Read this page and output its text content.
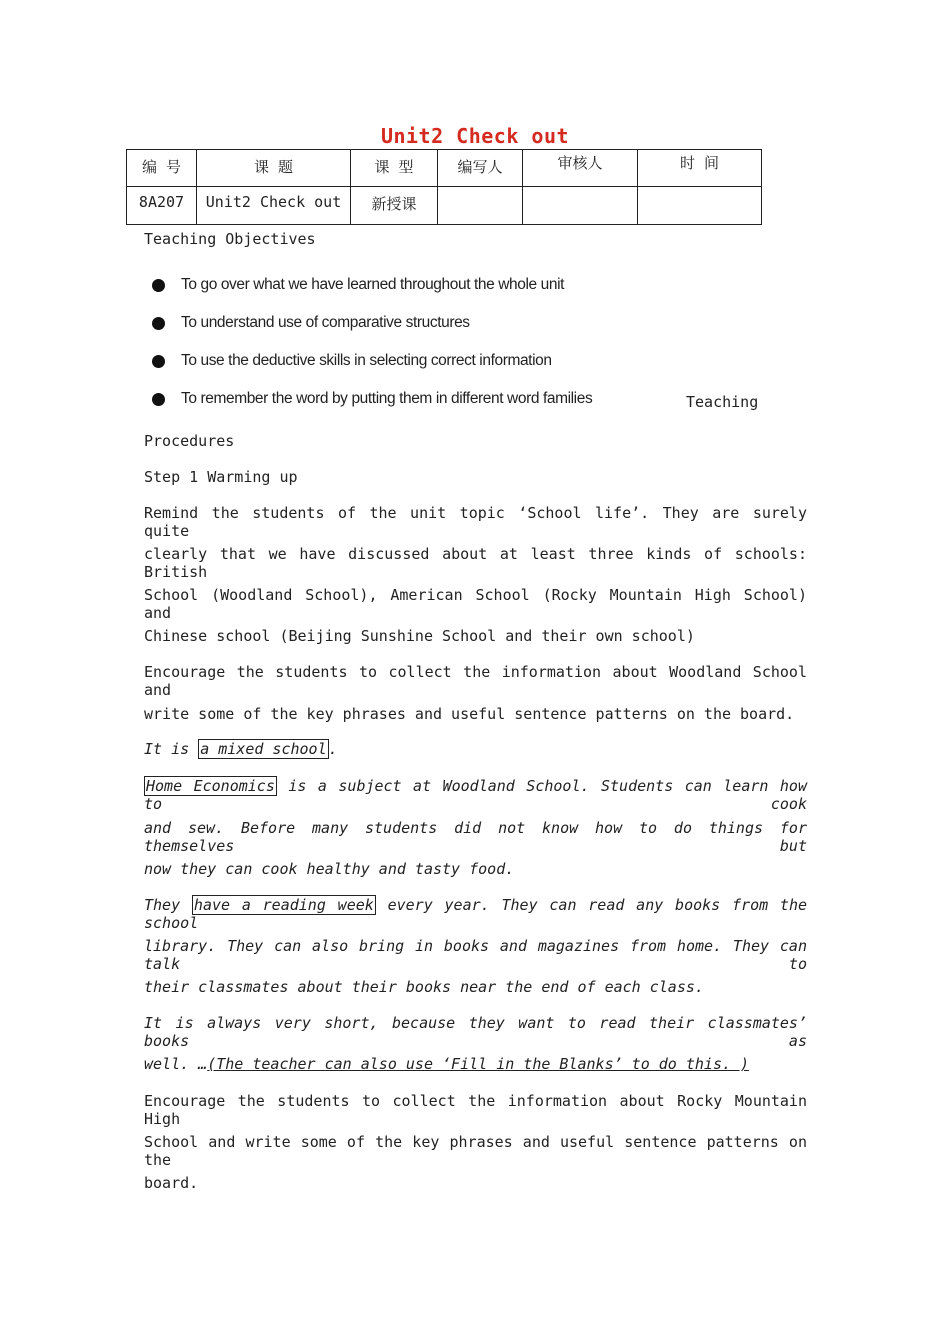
Unit2 Check out
编 号	课 题	课 型	编写人	审核人	时 间
8A207	Unit2 Check out	新授课			
Teaching Objectives
To go over what we have learned throughout the whole unit
To understand use of comparative structures
To use the deductive skills in selecting correct information
To remember the word by putting them in different word families	Teaching
Procedures
Step 1 Warming up
Remind the students of the unit topic ‘School life’. They are surely quite
clearly that we have discussed about at least three kinds of schools: British
School (Woodland School), American School (Rocky Mountain High School) and
Chinese school (Beijing Sunshine School and their own school)
Encourage the students to collect the information about Woodland School and
write some of the key phrases and useful sentence patterns on the board.
It is a mixed school .
Home Economics is a subject at Woodland School. Students can learn how to cook
and sew. Before many students did not know how to do things for themselves but
now they can cook healthy and tasty food.
They have a reading week every year. They can read any books from the school
library. They can also bring in books and magazines from home. They can talk to
their classmates about their books near the end of each class.
It is always very short, because they want to read their classmates’ books as
well. …(The teacher can also use ‘Fill in the Blanks’ to do this. )
Encourage the students to collect the information about Rocky Mountain High
School and write some of the key phrases and useful sentence patterns on the
board.
